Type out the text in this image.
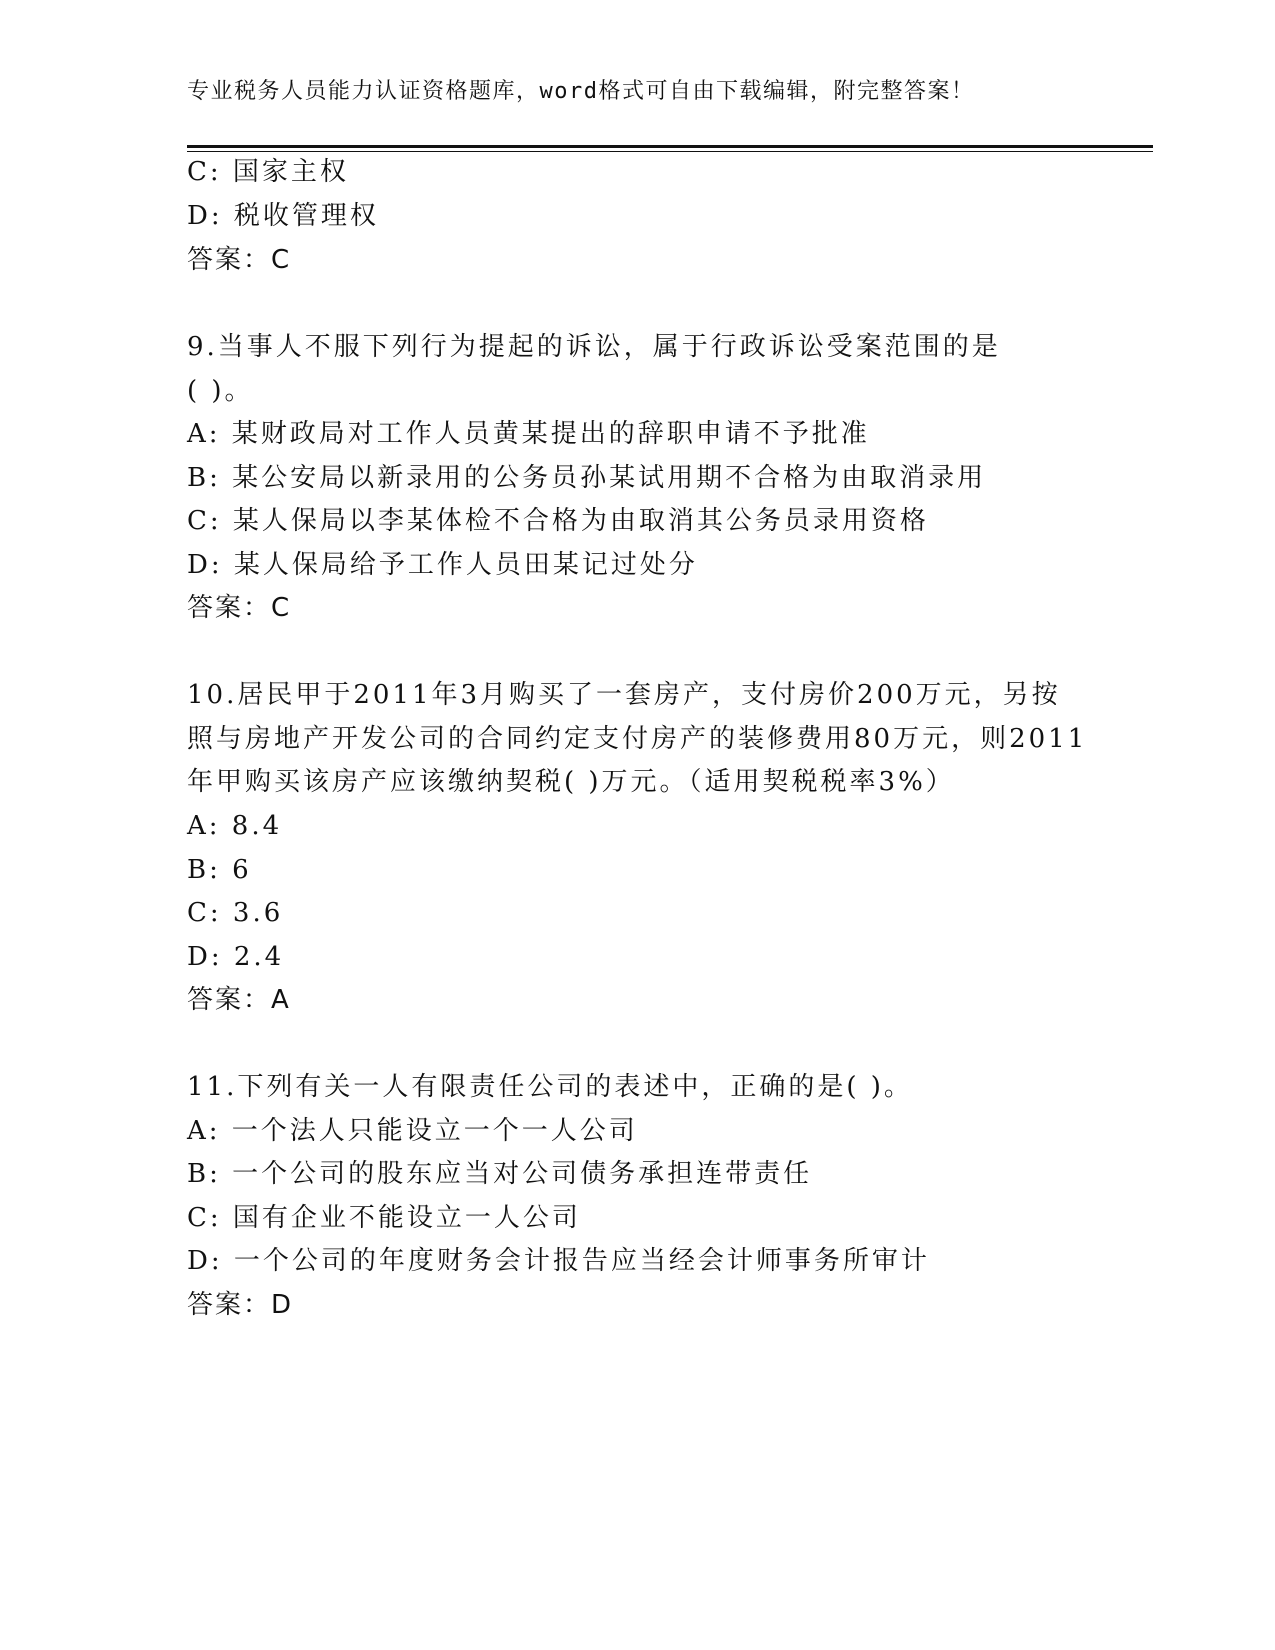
专业税务人员能力认证资格题库，word格式可自由下载编辑，附完整答案！
C: 国家主权
D: 税收管理权
答案：C
9.当事人不服下列行为提起的诉讼，属于行政诉讼受案范围的是
( )。
A: 某财政局对工作人员黄某提出的辞职申请不予批准
B: 某公安局以新录用的公务员孙某试用期不合格为由取消录用
C: 某人保局以李某体检不合格为由取消其公务员录用资格
D: 某人保局给予工作人员田某记过处分
答案：C
10.居民甲于2011年3月购买了一套房产，支付房价200万元，另按
照与房地产开发公司的合同约定支付房产的装修费用80万元，则2011
年甲购买该房产应该缴纳契税( )万元。（适用契税税率3%）
A: 8.4
B: 6
C: 3.6
D: 2.4
答案：A
11.下列有关一人有限责任公司的表述中，正确的是( )。
A: 一个法人只能设立一个一人公司
B: 一个公司的股东应当对公司债务承担连带责任
C: 国有企业不能设立一人公司
D: 一个公司的年度财务会计报告应当经会计师事务所审计
答案：D
